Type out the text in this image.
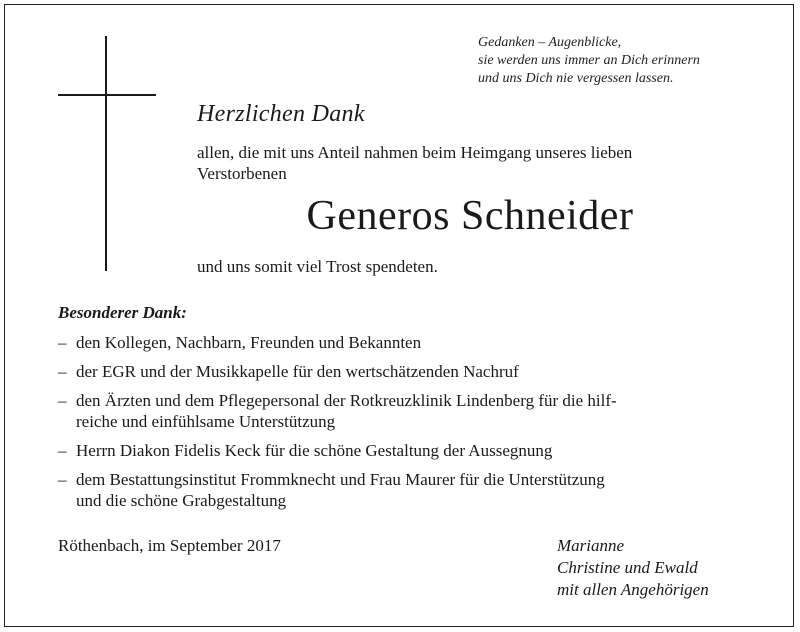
Gedanken – Augenblicke,
sie werden uns immer an Dich erinnern
und uns Dich nie vergessen lassen.
Herzlichen Dank
allen, die mit uns Anteil nahmen beim Heimgang unseres lieben
Verstorbenen
Generos Schneider
und uns somit viel Trost spendeten.
Besonderer Dank:
– den Kollegen, Nachbarn, Freunden und Bekannten
– der EGR und der Musikkapelle für den wertschätzenden Nachruf
– den Ärzten und dem Pflegepersonal der Rotkreuzklinik Lindenberg für die hilf-
reiche und einfühlsame Unterstützung
– Herrn Diakon Fidelis Keck für die schöne Gestaltung der Aussegnung
– dem Bestattungsinstitut Frommknecht und Frau Maurer für die Unterstützung
und die schöne Grabgestaltung
Röthenbach, im September 2017	Marianne
Christine und Ewald
mit allen Angehörigen
